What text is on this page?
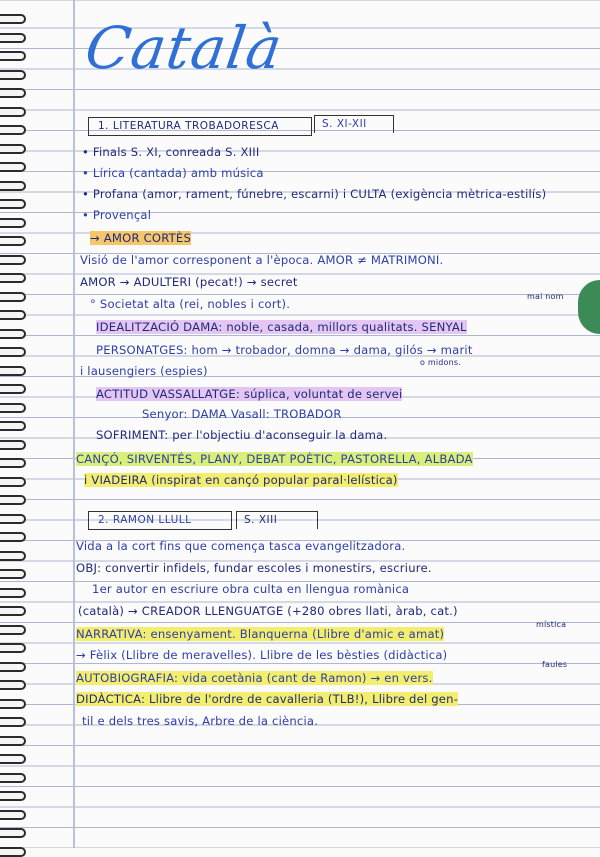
Català
1. LITERATURA TROBADORESCA	S. XI-XII
• Finals S. XI, conreada S. XIII
• Lírica (cantada) amb música
• Profana (amor, rament, fúnebre, escarni) i CULTA (exigència mètrica-estilís)
• Provençal
→ AMOR CORTÈS
Visió de l'amor corresponent a l'època. AMOR ≠ MATRIMONI.
AMOR → ADULTERI (pecat!) → secret
° Societat alta (rei, nobles i cort).
IDEALITZACIÓ DAMA: noble, casada, millors qualitats. SENYAL
PERSONATGES: hom → trobador, domna → dama, gilós → marit
o midons.
i lausengiers (espies)
ACTITUD VASSALLATGE: súplica, voluntat de servei
Senyor: DAMA Vasall: TROBADOR
SOFRIMENT: per l'objectiu d'aconseguir la dama.
CANÇÓ, SIRVENTÉS, PLANY, DEBAT POÈTIC, PASTORELLA, ALBADA
i VIADEIRA (inspirat en cançó popular paral·lelística)
2. RAMON LLULL	S. XIII
Vida a la cort fins que comença tasca evangelitzadora.
OBJ: convertir infidels, fundar escoles i monestirs, escriure.
1er autor en escriure obra culta en llengua romànica
(català) → CREADOR LLENGUATGE (+280 obres llati, àrab, cat.)
NARRATIVA: ensenyament. Blanquerna (Llibre d'amic e amat)
mística
→ Fèlix (Llibre de meravelles). Llibre de les bèsties (didàctica)
faules
AUTOBIOGRAFIA: vida coetània (cant de Ramon) → en vers.
DIDÀCTICA: Llibre de l'ordre de cavalleria (TLB!), Llibre del gen-
til e dels tres savis, Arbre de la ciència.
mai nom
